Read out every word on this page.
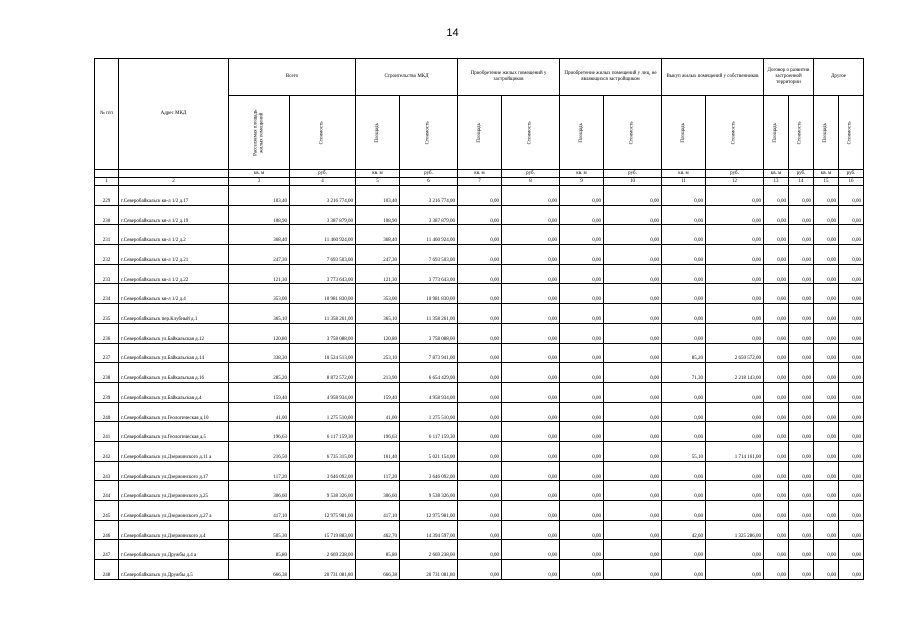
14
№ п/п	Адрес МКД	Всего		Строительство МКД		Приобретение жилых помещений у застройщиков		Приобретение жилых помещений у лиц, не являющихся застройщиком		Выкуп жилых помещений у собственников		Договор о развитии застроенной территории		Другое	
		Расселяемая площадь жилых помещений	Стоимость	Площадь	Стоимость	Площадь	Стоимость	Площадь	Стоимость	Площадь	Стоимость	Площадь	Стоимость	Площадь	Стоимость
		кв. м	руб.	кв. м	руб.	кв. м	руб.	кв. м	руб.	кв. м	руб.	кв. м	руб.	кв. м	руб.
1	2	3	4	5	6	7	8	9	10	11	12	13	14	15	16
229	г.Северобайкальск кв-л 1/2 д.17	103,40	3 216 774,00	103,40	3 216 774,00	0,00	0,00	0,00	0,00	0,00	0,00	0,00	0,00	0,00	0,00
230	г.Северобайкальск кв-л 1/2 д.19	108,90	3 387 879,00	108,90	3 387 879,00	0,00	0,00	0,00	0,00	0,00	0,00	0,00	0,00	0,00	0,00
231	г.Северобайкальск кв-л 1/2 д.2	368,40	11 460 924,00	368,40	11 460 924,00	0,00	0,00	0,00	0,00	0,00	0,00	0,00	0,00	0,00	0,00
232	г.Северобайкальск кв-л 1/2 д.21	247,30	7 693 503,00	247,30	7 693 503,00	0,00	0,00	0,00	0,00	0,00	0,00	0,00	0,00	0,00	0,00
233	г.Северобайкальск кв-л 1/2 д.22	121,30	3 773 643,00	121,30	3 773 643,00	0,00	0,00	0,00	0,00	0,00	0,00	0,00	0,00	0,00	0,00
234	г.Северобайкальск кв-л 1/2 д.4	353,00	10 981 830,00	353,00	10 981 830,00	0,00	0,00	0,00	0,00	0,00	0,00	0,00	0,00	0,00	0,00
235	г.Северобайкальск пер.Клубный д.1	365,10	11 358 261,00	365,10	11 358 261,00	0,00	0,00	0,00	0,00	0,00	0,00	0,00	0,00	0,00	0,00
236	г.Северобайкальск ул.Байкальская д.12	120,80	3 758 088,00	120,80	3 758 088,00	0,00	0,00	0,00	0,00	0,00	0,00	0,00	0,00	0,00	0,00
237	г.Северобайкальск ул.Байкальская д.14	338,30	10 524 513,00	253,10	7 873 941,00	0,00	0,00	0,00	0,00	85,20	2 650 572,00	0,00	0,00	0,00	0,00
238	г.Северобайкальск ул.Байкальская д.16	285,20	8 872 572,00	213,90	6 654 429,00	0,00	0,00	0,00	0,00	71,30	2 218 143,00	0,00	0,00	0,00	0,00
239	г.Северобайкальск ул.Байкальская д.4	159,40	4 958 934,00	159,40	4 958 934,00	0,00	0,00	0,00	0,00	0,00	0,00	0,00	0,00	0,00	0,00
240	г.Северобайкальск ул.Геологическая д.10	41,00	1 275 510,00	41,00	1 275 510,00	0,00	0,00	0,00	0,00	0,00	0,00	0,00	0,00	0,00	0,00
241	г.Северобайкальск ул.Геологическая д.5	196,63	6 117 159,30	196,63	6 117 159,30	0,00	0,00	0,00	0,00	0,00	0,00	0,00	0,00	0,00	0,00
242	г.Северобайкальск ул.Дзержинского д.11 а	216,50	6 735 315,00	161,40	5 021 154,00	0,00	0,00	0,00	0,00	55,10	1 714 161,00	0,00	0,00	0,00	0,00
243	г.Северобайкальск ул.Дзержинского д.17	117,20	3 646 092,00	117,20	3 646 092,00	0,00	0,00	0,00	0,00	0,00	0,00	0,00	0,00	0,00	0,00
244	г.Северобайкальск ул.Дзержинского д.25	306,60	9 538 326,00	306,60	9 538 326,00	0,00	0,00	0,00	0,00	0,00	0,00	0,00	0,00	0,00	0,00
245	г.Северобайкальск ул.Дзержинского д.27 а	417,10	12 975 981,00	417,10	12 975 981,00	0,00	0,00	0,00	0,00	0,00	0,00	0,00	0,00	0,00	0,00
246	г.Северобайкальск ул.Дзержинского д.4	505,30	15 719 883,00	462,70	14 394 597,00	0,00	0,00	0,00	0,00	42,60	1 325 286,00	0,00	0,00	0,00	0,00
247	г.Северобайкальск ул.Дружбы д.4 а	85,80	2 669 238,00	85,80	2 669 238,00	0,00	0,00	0,00	0,00	0,00	0,00	0,00	0,00	0,00	0,00
248	г.Северобайкальск ул.Дружбы д.5	666,38	20 731 081,80	666,38	20 731 081,80	0,00	0,00	0,00	0,00	0,00	0,00	0,00	0,00	0,00	0,00
